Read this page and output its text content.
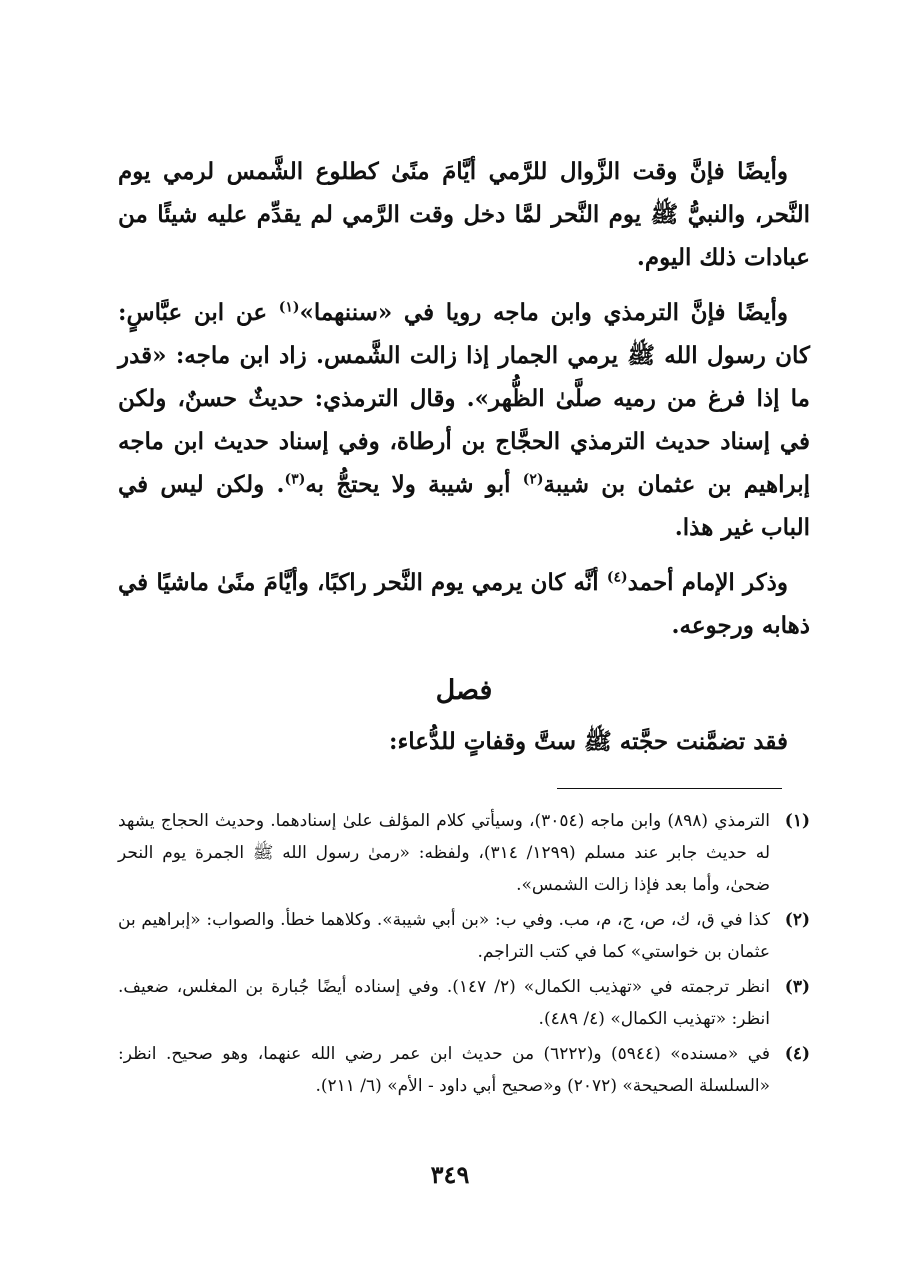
وأيضًا فإنَّ وقت الزَّوال للرَّمي أيَّامَ منًىٰ كطلوع الشَّمس لرمي يوم النَّحر، والنبيُّ ﷺ يوم النَّحر لمَّا دخل وقت الرَّمي لم يقدِّم عليه شيئًا من عبادات ذلك اليوم.

وأيضًا فإنَّ الترمذي وابن ماجه رويا في «سننهما»$^{(١)}$ عن ابن عبَّاسٍ: كان رسول الله ﷺ يرمي الجمار إذا زالت الشَّمس. زاد ابن ماجه: «قدر ما إذا فرغ من رميه صلَّىٰ الظُّهر». وقال الترمذي: حديثٌ حسنٌ، ولكن في إسناد حديث الترمذي الحجَّاج بن أرطاة، وفي إسناد حديث ابن ماجه إبراهيم بن عثمان بن شيبة$^{(٢)}$ أبو شيبة ولا يحتجُّ به$^{(٣)}$. ولكن ليس في الباب غير هذا.

وذكر الإمام أحمد$^{(٤)}$ أنَّه كان يرمي يوم النَّحر راكبًا، وأيَّامَ منًىٰ ماشيًا في ذهابه ورجوعه.

فصل

فقد تضمَّنت حجَّته ﷺ ستَّ وقفاتٍ للدُّعاء:

(١)
الترمذي (٨٩٨) وابن ماجه (٣٠٥٤)، وسيأتي كلام المؤلف علىٰ إسنادهما. وحديث الحجاج يشهد له حديث جابر عند مسلم (١٢٩٩/ ٣١٤)، ولفظه: «رمىٰ رسول الله ﷺ الجمرة يوم النحر ضحىٰ، وأما بعد فإذا زالت الشمس».
(٢)
كذا في ق، ك، ص، ج، م، مب. وفي ب: «بن أبي شيبة». وكلاهما خطأ. والصواب: «إبراهيم بن عثمان بن خواستي» كما في كتب التراجم.
(٣)
انظر ترجمته في «تهذيب الكمال» (٢/ ١٤٧). وفي إسناده أيضًا جُبارة بن المغلس، ضعيف. انظر: «تهذيب الكمال» (٤/ ٤٨٩).
(٤)
في «مسنده» (٥٩٤٤) و(٦٢٢٢) من حديث ابن عمر رضي الله عنهما، وهو صحيح. انظر: «السلسلة الصحيحة» (٢٠٧٢) و«صحيح أبي داود - الأم» (٦/ ٢١١).
٣٤٩
